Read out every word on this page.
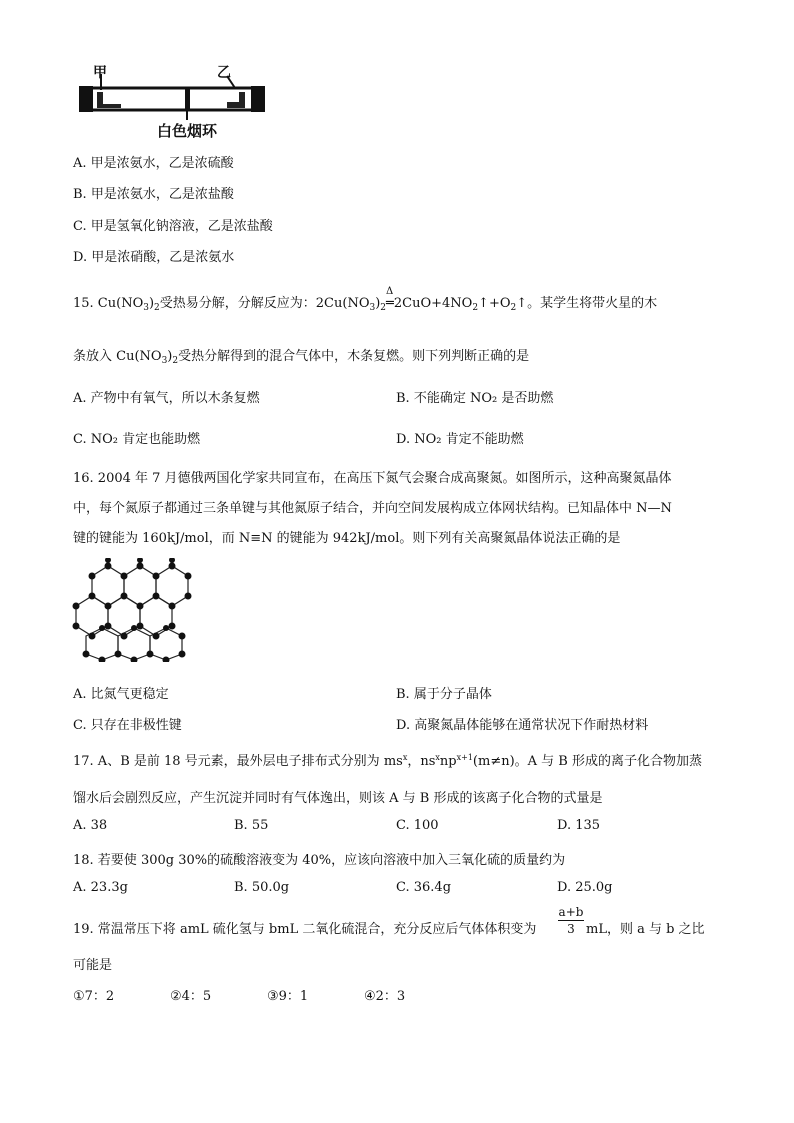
甲	乙
白色烟环
A. 甲是浓氨水，乙是浓硫酸
B. 甲是浓氨水，乙是浓盐酸
C. 甲是氢氧化钠溶液，乙是浓盐酸
D. 甲是浓硝酸，乙是浓氨水
15. $Cu(NO_3)_2$受热易分解，分解反应为：$2Cu(NO_3)_2$
Δ
$═2CuO+4NO_2↑+O_2↑$。某学生将带火星的木
条放入 $Cu(NO_3)_2$受热分解得到的混合气体中，木条复燃。则下列判断正确的是
A. 产物中有氧气，所以木条复燃	B. 不能确定 NO₂ 是否助燃
C. NO₂ 肯定也能助燃	D. NO₂ 肯定不能助燃
16. 2004 年 7 月德俄两国化学家共同宣布，在高压下氮气会聚合成高聚氮。如图所示，这种高聚氮晶体
中，每个氮原子都通过三条单键与其他氮原子结合，并向空间发展构成立体网状结构。已知晶体中 N—N
键的键能为 160kJ/mol，而 N≡N 的键能为 942kJ/mol。则下列有关高聚氮晶体说法正确的是
A. 比氮气更稳定	B. 属于分子晶体
C. 只存在非极性键	D. 高聚氮晶体能够在通常状况下作耐热材料
17. A、B 是前 18 号元素，最外层电子排布式分别为 $ms^x$，$ns^xnp^{x+1}(m\ne n)$。A 与 B 形成的离子化合物加蒸
馏水后会剧烈反应，产生沉淀并同时有气体逸出，则该 A 与 B 形成的该离子化合物的式量是
A. 38	B. 55	C. 100	D. 135
18. 若要使 300g 30%的硫酸溶液变为 40%，应该向溶液中加入三氧化硫的质量约为
A. 23.3g	B. 50.0g	C. 36.4g	D. 25.0g
19. 常温常压下将 amL 硫化氢与 bmL 二氧化硫混合，充分反应后气体体积变为 $\frac{a+b}{3}$ mL，则 a 与 b 之比
可能是
①7：2	②4：5	③9：1	④2：3
